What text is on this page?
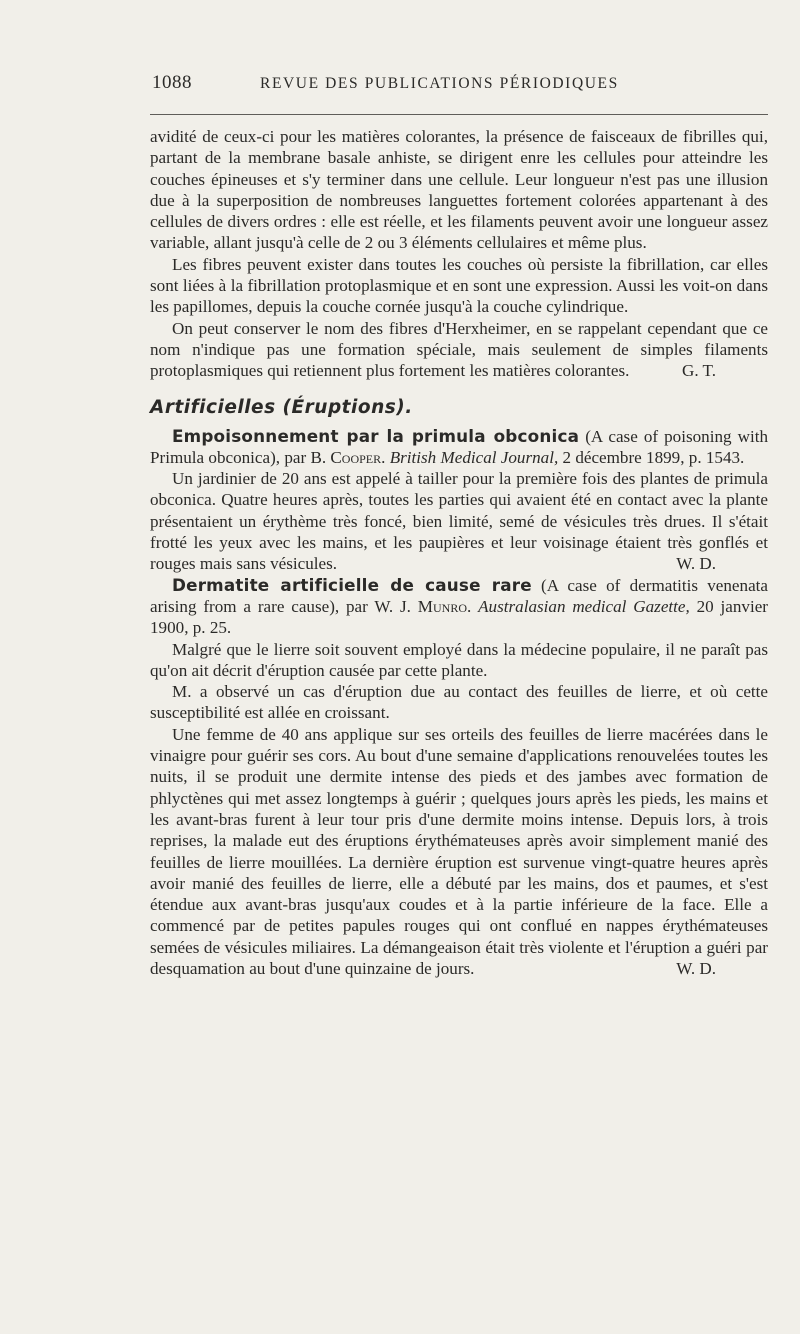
1088	REVUE DES PUBLICATIONS PÉRIODIQUES

avidité de ceux-ci pour les matières colorantes, la présence de faisceaux de fibrilles qui, partant de la membrane basale anhiste, se dirigent enre les cellules pour atteindre les couches épineuses et s'y terminer dans une cellule. Leur longueur n'est pas une illusion due à la superposition de nombreuses languettes fortement colorées appartenant à des cellules de divers ordres : elle est réelle, et les filaments peuvent avoir une longueur assez variable, allant jusqu'à celle de 2 ou 3 éléments cellulaires et même plus.

Les fibres peuvent exister dans toutes les couches où persiste la fibrillation, car elles sont liées à la fibrillation protoplasmique et en sont une expression. Aussi les voit-on dans les papillomes, depuis la couche cornée jusqu'à la couche cylindrique.

On peut conserver le nom des fibres d'Herxheimer, en se rappelant cependant que ce nom n'indique pas une formation spéciale, mais seulement de simples filaments protoplasmiques qui retiennent plus fortement les matières colorantes.	G. T.

Artificielles (Éruptions).

Empoisonnement par la primula obconica (A case of poisoning with Primula obconica), par B. Cooper. British Medical Journal, 2 décembre 1899, p. 1543.

Un jardinier de 20 ans est appelé à tailler pour la première fois des plantes de primula obconica. Quatre heures après, toutes les parties qui avaient été en contact avec la plante présentaient un érythème très foncé, bien limité, semé de vésicules très drues. Il s'était frotté les yeux avec les mains, et les paupières et leur voisinage étaient très gonflés et rouges mais sans vésicules.	W. D.

Dermatite artificielle de cause rare (A case of dermatitis venenata arising from a rare cause), par W. J. Munro. Australasian medical Gazette, 20 janvier 1900, p. 25.

Malgré que le lierre soit souvent employé dans la médecine populaire, il ne paraît pas qu'on ait décrit d'éruption causée par cette plante.

M. a observé un cas d'éruption due au contact des feuilles de lierre, et où cette susceptibilité est allée en croissant.

Une femme de 40 ans applique sur ses orteils des feuilles de lierre macérées dans le vinaigre pour guérir ses cors. Au bout d'une semaine d'applications renouvelées toutes les nuits, il se produit une dermite intense des pieds et des jambes avec formation de phlyctènes qui met assez longtemps à guérir ; quelques jours après les pieds, les mains et les avant-bras furent à leur tour pris d'une dermite moins intense. Depuis lors, à trois reprises, la malade eut des éruptions érythémateuses après avoir simplement manié des feuilles de lierre mouillées. La dernière éruption est survenue vingt-quatre heures après avoir manié des feuilles de lierre, elle a débuté par les mains, dos et paumes, et s'est étendue aux avant-bras jusqu'aux coudes et à la partie inférieure de la face. Elle a commencé par de petites papules rouges qui ont conflué en nappes érythémateuses semées de vésicules miliaires. La démangeaison était très violente et l'éruption a guéri par desquamation au bout d'une quinzaine de jours.	W. D.
